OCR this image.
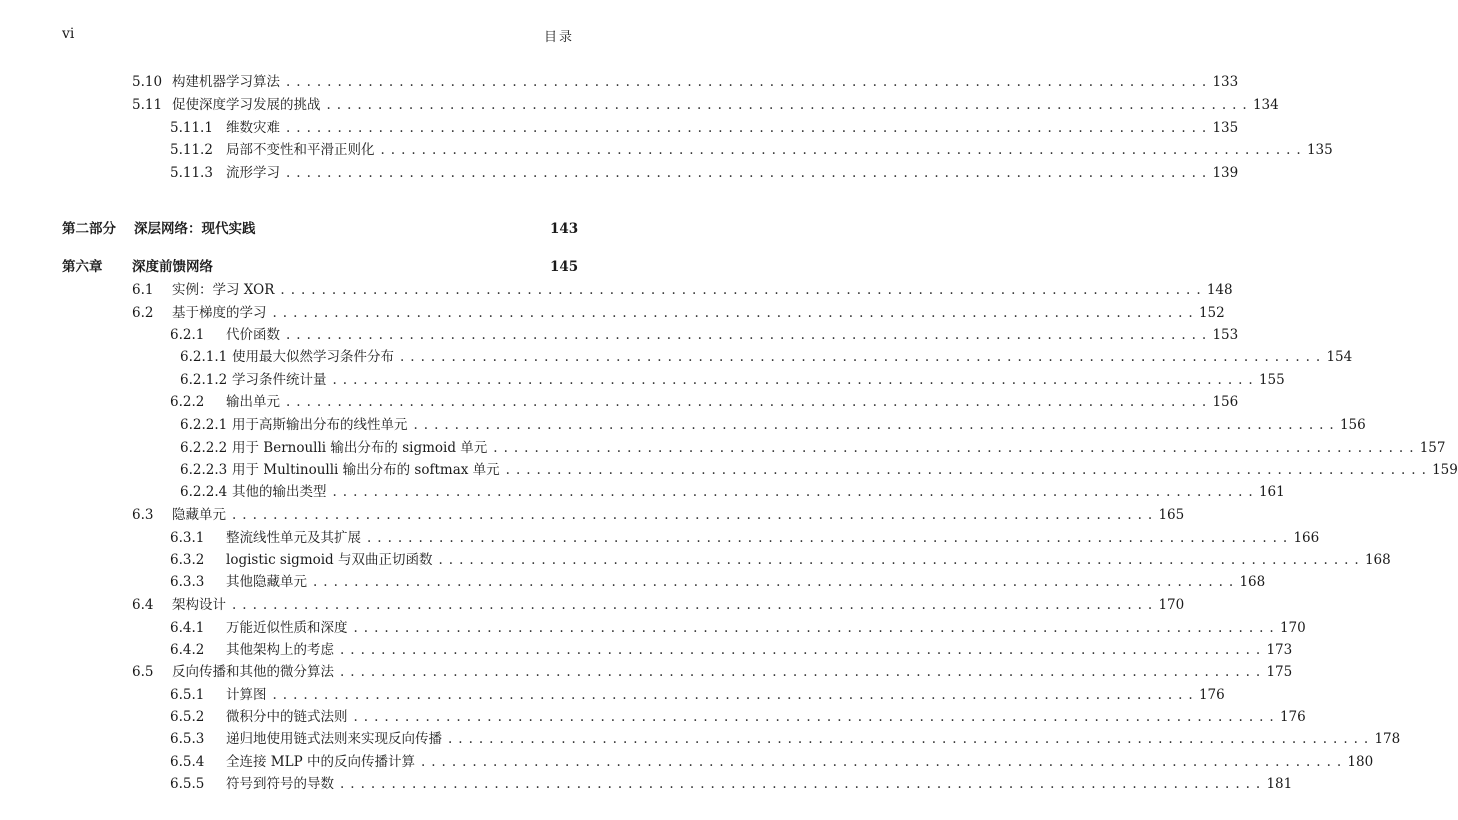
vi	目录
5.10 构建机器学习算法 .......................................................................................... 133
5.11 促使深度学习发展的挑战 .......................................................................................... 134
5.11.1 维数灾难 .......................................................................................... 135
5.11.2 局部不变性和平滑正则化 .......................................................................................... 135
5.11.3 流形学习 .......................................................................................... 139
第二部分	深层网络：现代实践	143
第六章	深度前馈网络	145
6.1	实例：学习 XOR .......................................................................................... 148
6.2	基于梯度的学习 .......................................................................................... 152
6.2.1	代价函数 .......................................................................................... 153
6.2.1.1 使用最大似然学习条件分布 .......................................................................................... 154
6.2.1.2 学习条件统计量 .......................................................................................... 155
6.2.2	输出单元 .......................................................................................... 156
6.2.2.1 用于高斯输出分布的线性单元 .......................................................................................... 156
6.2.2.2 用于 Bernoulli 输出分布的 sigmoid 单元 .......................................................................................... 157
6.2.2.3 用于 Multinoulli 输出分布的 softmax 单元 .......................................................................................... 159
6.2.2.4 其他的输出类型 .......................................................................................... 161
6.3	隐藏单元 .......................................................................................... 165
6.3.1	整流线性单元及其扩展 .......................................................................................... 166
6.3.2	logistic sigmoid 与双曲正切函数 .......................................................................................... 168
6.3.3	其他隐藏单元 .......................................................................................... 168
6.4	架构设计 .......................................................................................... 170
6.4.1	万能近似性质和深度 .......................................................................................... 170
6.4.2	其他架构上的考虑 .......................................................................................... 173
6.5	反向传播和其他的微分算法 .......................................................................................... 175
6.5.1	计算图 .......................................................................................... 176
6.5.2	微积分中的链式法则 .......................................................................................... 176
6.5.3	递归地使用链式法则来实现反向传播 .......................................................................................... 178
6.5.4	全连接 MLP 中的反向传播计算 .......................................................................................... 180
6.5.5	符号到符号的导数 .......................................................................................... 181
